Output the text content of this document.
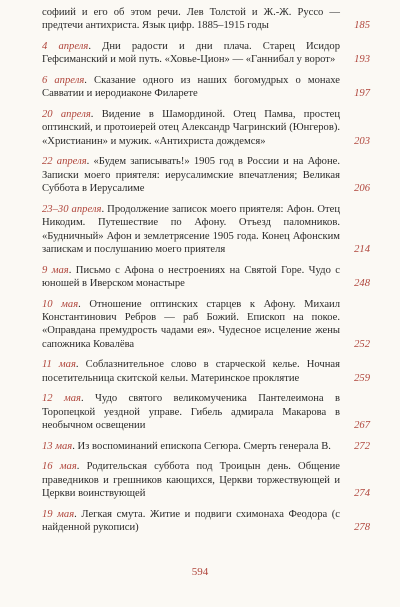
софиий и его об этом речи. Лев Толстой и Ж.-Ж. Руссо — предтечи антихриста. Язык цифр. 1885–1915 годы	185
4 апреля. Дни радости и дни плача. Старец Исидор Гефсиманский и мой путь. «Ховье-Цион» — «Ганнибал у ворот» 193
6 апреля. Сказание одного из наших богомудрых о монахе Савватии и иеродиаконе Филарете	197
20 апреля. Видение в Шамординой. Отец Памва, простец оптинский, и протоиерей отец Александр Чагринский (Юнгеров). «Христианин» и мужик. «Антихриста дождемся»	203
22 апреля. «Будем записывать!» 1905 год в России и на Афоне. Записки моего приятеля: иерусалимские впечатления; Великая Суббота в Иерусалиме	206
23–30 апреля. Продолжение записок моего приятеля: Афон. Отец Никодим. Путешествие по Афону. Отъезд паломников. «Будничный» Афон и землетрясение 1905 года. Конец Афонским запискам и послушанию моего приятеля	214
9 мая. Письмо с Афона о нестроениях на Святой Горе. Чудо с юношей в Иверском монастыре	248
10 мая. Отношение оптинских старцев к Афону. Михаил Константинович Ребров — раб Божий. Епископ на покое. «Оправдана премудрость чадами ея». Чудесное исцеление жены сапожника Ковалёва	252
11 мая. Соблазнительное слово в старческой келье. Ночная посетительница скитской кельи. Материнское проклятие	259
12 мая. Чудо святого великомученика Пантелеимона в Торопецкой уездной управе. Гибель адмирала Макарова в необычном освещении	267
13 мая. Из воспоминаний епископа Сегюра. Смерть генерала В. 272
16 мая. Родительская суббота под Троицын день. Общение праведников и грешников кающихся, Церкви торжествующей и Церкви воинствующей	274
19 мая. Легкая смута. Житие и подвиги схимонаха Феодора (с найденной рукописи)	278
594
